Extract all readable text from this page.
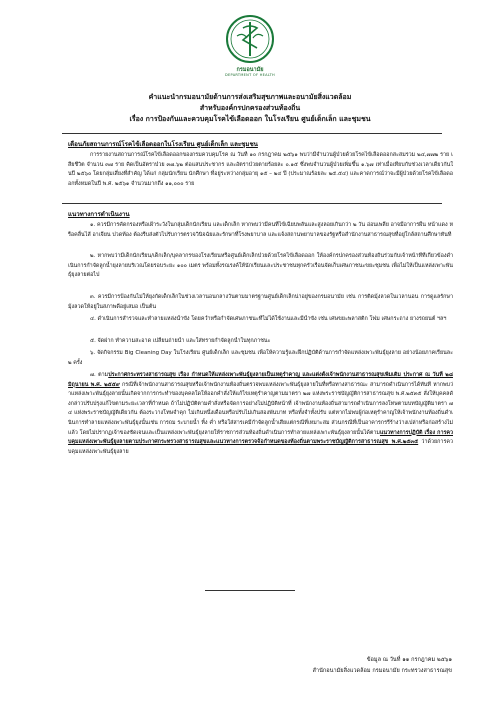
กรมอนามัย
DEPARTMENT OF HEALTH
คำแนะนำกรมอนามัยด้านการส่งเสริมสุขภาพและอนามัยสิ่งแวดล้อม
สำหรับองค์กรปกครองส่วนท้องถิ่น
เรื่อง การป้องกันและควบคุมโรคไข้เลือดออก ในโรงเรียน ศูนย์เด็กเล็ก และชุมชน
เตือนภัยสถานการณ์โรคไข้เลือดออกในโรงเรียน ศูนย์เด็กเล็ก และชุมชน
การรายงานสถานการณ์โรคไข้เลือดออกของกรมควบคุมโรค ณ วันที่ ๑๐ กรกฎาคม ๒๕๖๑ พบว่ามีจำนวนผู้ป่วยด้วยโรคไข้เลือดออกสะสมรวม ๒๔,๗๗๒ ราย เสียชีวิต จำนวน ๓๗ ราย คิดเป็นอัตราป่วย ๓๗.๖๒ ต่อแสนประชากร และอัตราป่วยตายร้อยละ ๐.๑๕ ซึ่งพบจำนวนผู้ป่วยเพิ่มขึ้น ๑.๖๗ เท่าเมื่อเทียบกับช่วงเวลาเดียวกันในปี ๒๕๖๐ โดยกลุ่มเสี่ยงที่สำคัญ ได้แก่ กลุ่มนักเรียน นักศึกษา ที่อยู่ระหว่างกลุ่มอายุ ๑๕ – ๒๔ ปี (ประมาณร้อยละ ๒๕.๕๔) และคาดการณ์ว่าจะมีผู้ป่วยด้วยโรคไข้เลือดออกทั้งหมดในปี พ.ศ. ๒๕๖๑ จำนวนมากถึง ๑๑,๐๐๐ ราย
แนวทางการดำเนินงาน
๑. ควรมีการคัดกรองหรือเฝ้าระวังในกลุ่มเด็กนักเรียน และเด็กเล็ก หากพบว่ามีคนที่ไข้เฉียบพลันและสูงลอยเกินกว่า ๒ วัน อ่อนเพลีย อาจมีอาการผื่น หน้าแดง หรือคลื่นไส้ อาเจียน ปวดท้อง ต้องรีบส่งตัวไปรับการตรวจวินิจฉัยและรักษาที่โรงพยาบาล และแจ้งสถานพยาบาลของรัฐหรือสำนักงานสาธารณสุขที่อยู่ใกล้สถานศึกษาทันที
๒. หากพบว่ามีเด็กนักเรียน/เด็กเล็ก/บุคลากรของโรงเรียนหรือศูนย์เด็กเล็กป่วยด้วยโรคไข้เลือดออก ให้องค์กรปกครองส่วนท้องถิ่นร่วมกับเจ้าหน้าที่ที่เกี่ยวข้องดำเนินการกำจัดลูกน้ำยุงลายบริเวณโดยรอบระยะ ๑๐๐ เมตร พร้อมทั้งรณรงค์ให้นักเรียนและประชาชนทุกครัวเรือนจัดเก็บเศษภาชนะขยะชุมชน เพื่อไม่ให้เป็นแหล่งเพาะพันธุ์ยุงลายต่อไป
๓. ควรมีการป้องกันไม่ให้ยุงกัดเด็กเล็กในช่วงเวลานอนกลางวันตามมาตรฐานศูนย์เด็กเล็กน่าอยู่ของกรมอนามัย เช่น การติดมุ้งลวดในเวลานอน การดูแลรักษามุ้งลวดให้อยู่ในสภาพดีอยู่เสมอ เป็นต้น
๔. ดำเนินการสำรวจและทำลายแหล่งน้ำขัง โดยคว่ำหรือกำจัดเศษภาชนะที่ไม่ได้ใช้งานและมีน้ำขัง เช่น เศษขยะพลาสติก โฟม เศษกระถาง ยางรถยนต์ ฯลฯ
๕. จัดฝาก ทำความสะอาด เปลี่ยนถ่ายน้ำ และใส่ทรายกำจัดลูกน้ำในทุกภาชนะ
๖. จัดกิจกรรม Big Cleaning Day ในโรงเรียน ศูนย์เด็กเล็ก และชุมชน เพื่อให้ความรู้และฝึกปฏิบัติด้านการกำจัดแหล่งเพาะพันธุ์ยุงลาย อย่างน้อยภาคเรียนละ ๒ ครั้ง
๗. ตามประกาศกระทรวงสาธารณสุข เรื่อง กำหนดให้แหล่งเพาะพันธุ์ยุงลายเป็นเหตุรำคาญ และแต่งตั้งเจ้าพนักงานสาธารณสุขเพิ่มเติม ประกาศ ณ วันที่ ๒๘ มิถุนายน พ.ศ. ๒๕๕๙ กรณีที่เจ้าพนักงานสาธารณสุขหรือเจ้าพนักงานท้องถิ่นตรวจพบแหล่งเพาะพันธุ์ยุงลายในที่หรือทางสาธารณะ สามารถดำเนินการได้ทันที หากพบว่าแหล่งเพาะพันธุ์ยุงลายนั้นเกิดจากการกระทำของบุคคลใดให้ออกคำสั่งให้แก้ไขเหตุรำคาญตามมาตรา ๒๗ แห่งพระราชบัญญัติการสาธารณสุข พ.ศ.๒๕๓๕ สั่งให้บุคคลดังกล่าวปรับปรุงแก้ไขตามระยะเวลาที่กำหนด ถ้าไม่ปฏิบัติตามคำสั่งหรือจัดการอย่างไม่ปฏิบัติหน้าที่ เจ้าพนักงานท้องถิ่นสามารถดำเนินการลงโทษตามบทบัญญัติมาตรา ๗๔ แห่งพระราชบัญญัติเดียวกัน ต้องระวางโทษจำคุก ไม่เกินหนึ่งเดือนหรือปรับไม่เกินสองพันบาท หรือทั้งจำทั้งปรับ แต่หากไม่พบผู้ก่อเหตุรำคาญให้เจ้าพนักงานท้องถิ่นดำเนินการทำลายแหล่งเพาะพันธุ์ยุงนั้นเช่น การถม ระบายน้ำ ทิ้ง ค่ำ หรือใส่สารเคมีกำจัดลูกน้ำเสียแต่กรณีที่เหมาะสม ส่วนกรณีที่เป็นอาคารกรรีร้างว่างเปล่าหรือก่อสร้างไม่แล้ว โดยไม่ปรากฏเจ้าของชัดเจนและเป็นแหล่งเพาะพันธุ์ยุงลายให้ราชการส่วนท้องถิ่นดำเนินการทำลายแหล่งเพาะพันธุ์ยุงลายนั้นได้ตามแนวทางการปฏิบัติ เรื่อง การควบคุมแหล่งเพาะพันธุ์ยุงลายตามประกาศกระทรวงสาธารณสุขและแนวทางการตรวจจ้อกำหนดของท้องถิ่นตามพระราชบัญญัติการสาธารณสุข พ.ศ.๒๕๓๕ ว่าด้วยการควบคุมแหล่งเพาะพันธุ์ยุงลาย
ข้อมูล ณ วันที่ ๑๑ กรกฎาคม ๒๕๖๑
สำนักอนามัยสิ่งแวดล้อม กรมอนามัย กระทรวงสาธารณสุข
